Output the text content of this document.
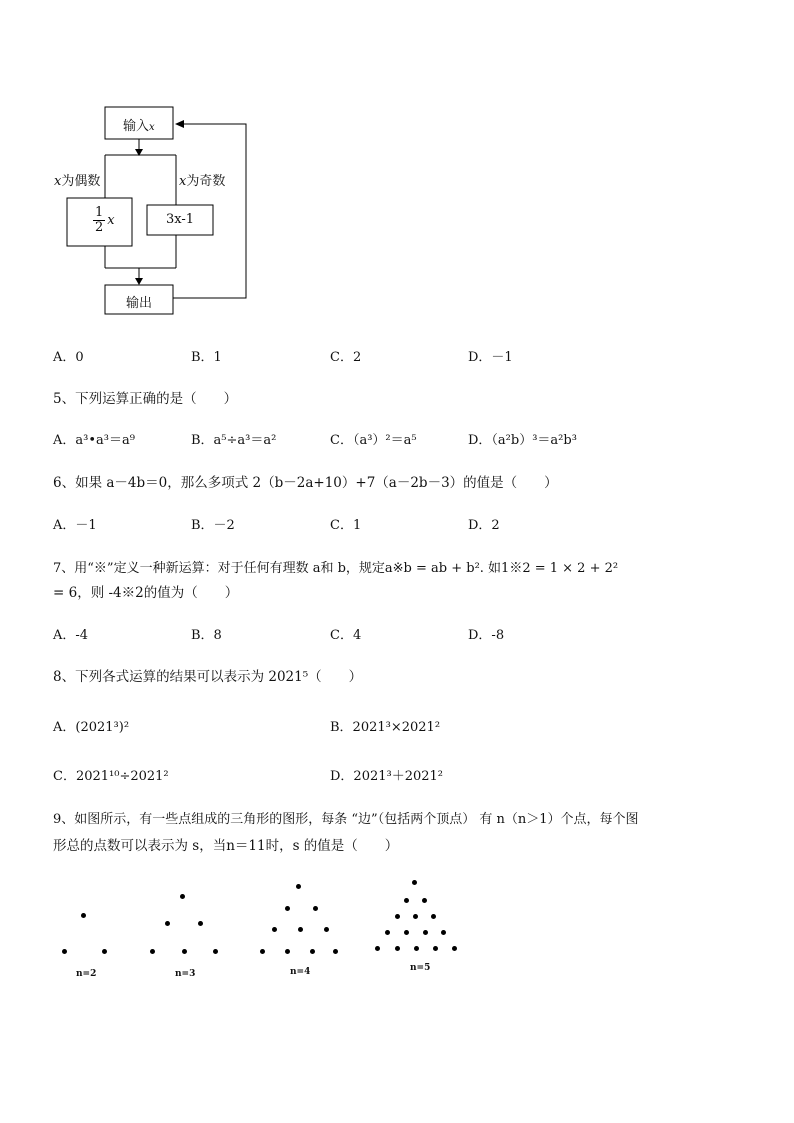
输入x
x为偶数	x为奇数
$\frac{1}{2}$ x	3x-1
输出
A．0	B．1	C．2	D．－1
5、下列运算正确的是（　　）
A．a³•a³＝a⁹	B．a⁵÷a³＝a²	C．（a³）²＝a⁵	D．（a²b）³＝a²b³
6、如果 a－4b＝0，那么多项式 2（b－2a+10）+7（a－2b－3）的值是（　　）
A．－1	B．－2	C．1	D．2
7、用“※”定义一种新运算：对于任何有理数 a和 b，规定a※b = ab + b². 如1※2 = 1 × 2 + 2²
= 6，则 -4※2的值为（　　）
A．-4	B．8	C．4	D．-8
8、下列各式运算的结果可以表示为 2021⁵（　　）
A．(2021³)²	B．2021³×2021²
C．2021¹⁰÷2021²	D．2021³＋2021²
9、如图所示，有一些点组成的三角形的图形，每条 “边”（包括两个顶点） 有 n（n＞1）个点，每个图
形总的点数可以表示为 s，当n＝11时，s 的值是（　　）
n=2	n=3	n=4	n=5
